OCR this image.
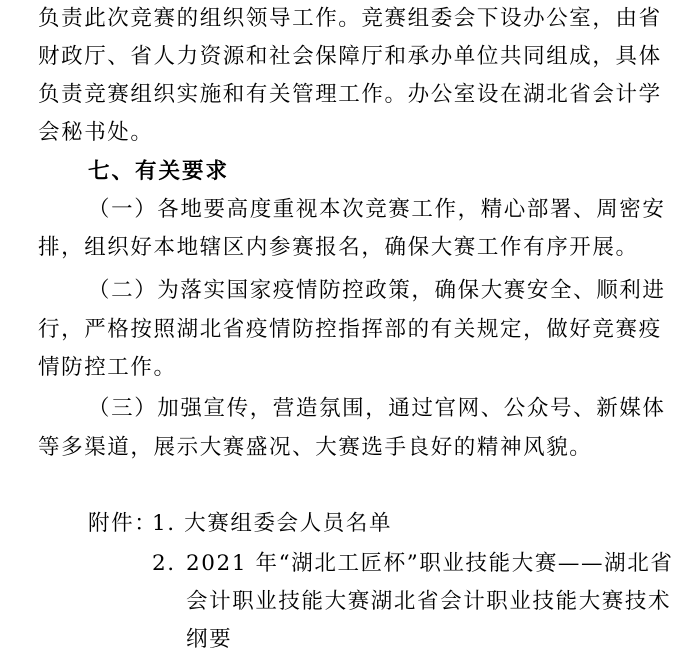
负责此次竞赛的组织领导工作。竞赛组委会下设办公室，由省
财政厅、省人力资源和社会保障厅和承办单位共同组成，具体
负责竞赛组织实施和有关管理工作。办公室设在湖北省会计学
会秘书处。
七、有关要求
（一）各地要高度重视本次竞赛工作，精心部署、周密安
排，组织好本地辖区内参赛报名，确保大赛工作有序开展。
（二）为落实国家疫情防控政策，确保大赛安全、顺利进
行，严格按照湖北省疫情防控指挥部的有关规定，做好竞赛疫
情防控工作。
（三）加强宣传，营造氛围，通过官网、公众号、新媒体
等多渠道，展示大赛盛况、大赛选手良好的精神风貌。
附件：
1. 大赛组委会人员名单
2. 2021 年“湖北工匠杯”职业技能大赛——湖北省
会计职业技能大赛湖北省会计职业技能大赛技术
纲要
